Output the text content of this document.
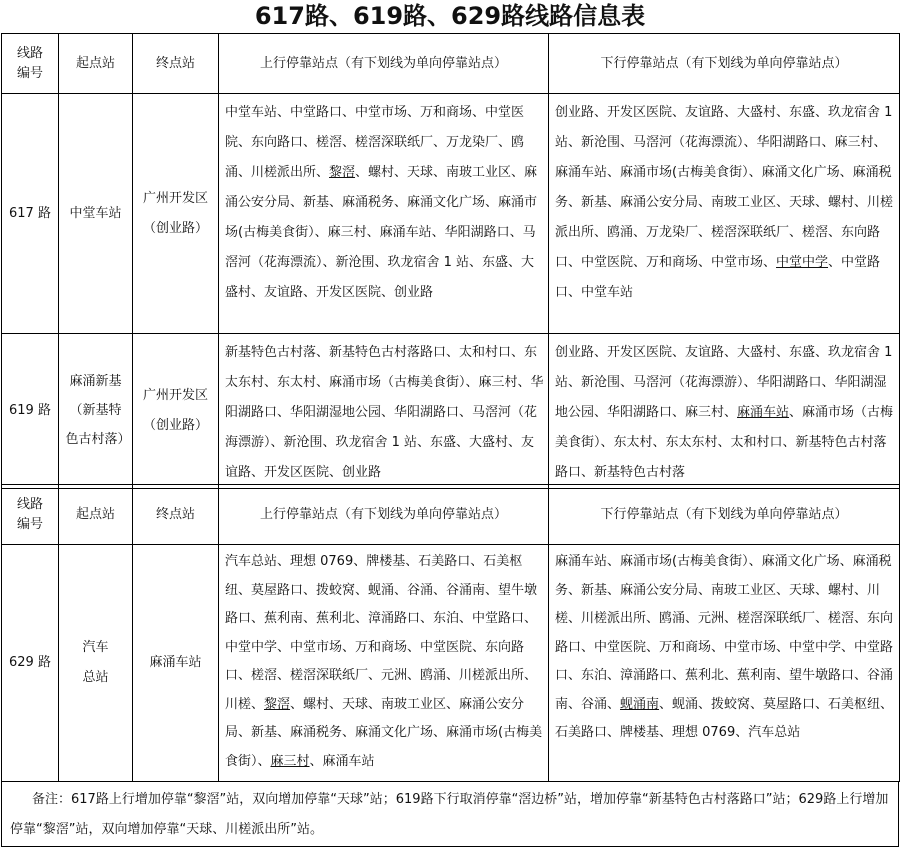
617路、619路、629路线路信息表
线路编号	起点站	终点站	上行停靠站点（有下划线为单向停靠站点）	下行停靠站点（有下划线为单向停靠站点）
617 路	中堂车站	广州开发区（创业路）	中堂车站、中堂路口、中堂市场、万和商场、中堂医院、东向路口、槎滘、槎滘深联纸厂、万龙染厂、鸥涌、川槎派出所、黎滘、螺村、天球、南玻工业区、麻涌公安分局、新基、麻涌税务、麻涌文化广场、麻涌市场(古梅美食街）、麻三村、麻涌车站、华阳湖路口、马滘河（花海漂流）、新沧围、玖龙宿舍 1 站、东盛、大盛村、友谊路、开发区医院、创业路	创业路、开发区医院、友谊路、大盛村、东盛、玖龙宿舍 1 站、新沧围、马滘河（花海漂流）、华阳湖路口、麻三村、麻涌车站、麻涌市场(古梅美食街）、麻涌文化广场、麻涌税务、新基、麻涌公安分局、南玻工业区、天球、螺村、川槎派出所、鸥涌、万龙染厂、槎滘深联纸厂、槎滘、东向路口、中堂医院、万和商场、中堂市场、中堂中学、中堂路口、中堂车站
619 路	麻涌新基（新基特色古村落）	广州开发区（创业路）	新基特色古村落、新基特色古村落路口、太和村口、东太东村、东太村、麻涌市场（古梅美食街）、麻三村、华阳湖路口、华阳湖湿地公园、华阳湖路口、马滘河（花海漂游）、新沧围、玖龙宿舍 1 站、东盛、大盛村、友谊路、开发区医院、创业路	创业路、开发区医院、友谊路、大盛村、东盛、玖龙宿舍 1 站、新沧围、马滘河（花海漂游）、华阳湖路口、华阳湖湿地公园、华阳湖路口、麻三村、麻涌车站、麻涌市场（古梅美食街）、东太村、东太东村、太和村口、新基特色古村落路口、新基特色古村落
线路编号	起点站	终点站	上行停靠站点（有下划线为单向停靠站点）	下行停靠站点（有下划线为单向停靠站点）
629 路	汽车总站	麻涌车站	汽车总站、理想 0769、牌楼基、石美路口、石美枢纽、莫屋路口、拨蛟窝、蚬涌、谷涌、谷涌南、望牛墩路口、蕉利南、蕉利北、漳涌路口、东泊、中堂路口、中堂中学、中堂市场、万和商场、中堂医院、东向路口、槎滘、槎滘深联纸厂、元洲、鸥涌、川槎派出所、川槎、黎滘、螺村、天球、南玻工业区、麻涌公安分局、新基、麻涌税务、麻涌文化广场、麻涌市场(古梅美食街）、麻三村、麻涌车站	麻涌车站、麻涌市场(古梅美食街）、麻涌文化广场、麻涌税务、新基、麻涌公安分局、南玻工业区、天球、螺村、川槎、川槎派出所、鸥涌、元洲、槎滘深联纸厂、槎滘、东向路口、中堂医院、万和商场、中堂市场、中堂中学、中堂路口、东泊、漳涌路口、蕉利北、蕉利南、望牛墩路口、谷涌南、谷涌、蚬涌南、蚬涌、拨蛟窝、莫屋路口、石美枢纽、石美路口、牌楼基、理想 0769、汽车总站
备注：617路上行增加停靠“黎滘”站，双向增加停靠“天球”站；619路下行取消停靠“滘边桥”站，增加停靠“新基特色古村落路口”站；629路上行增加停靠“黎滘”站，双向增加停靠“天球、川槎派出所”站。
